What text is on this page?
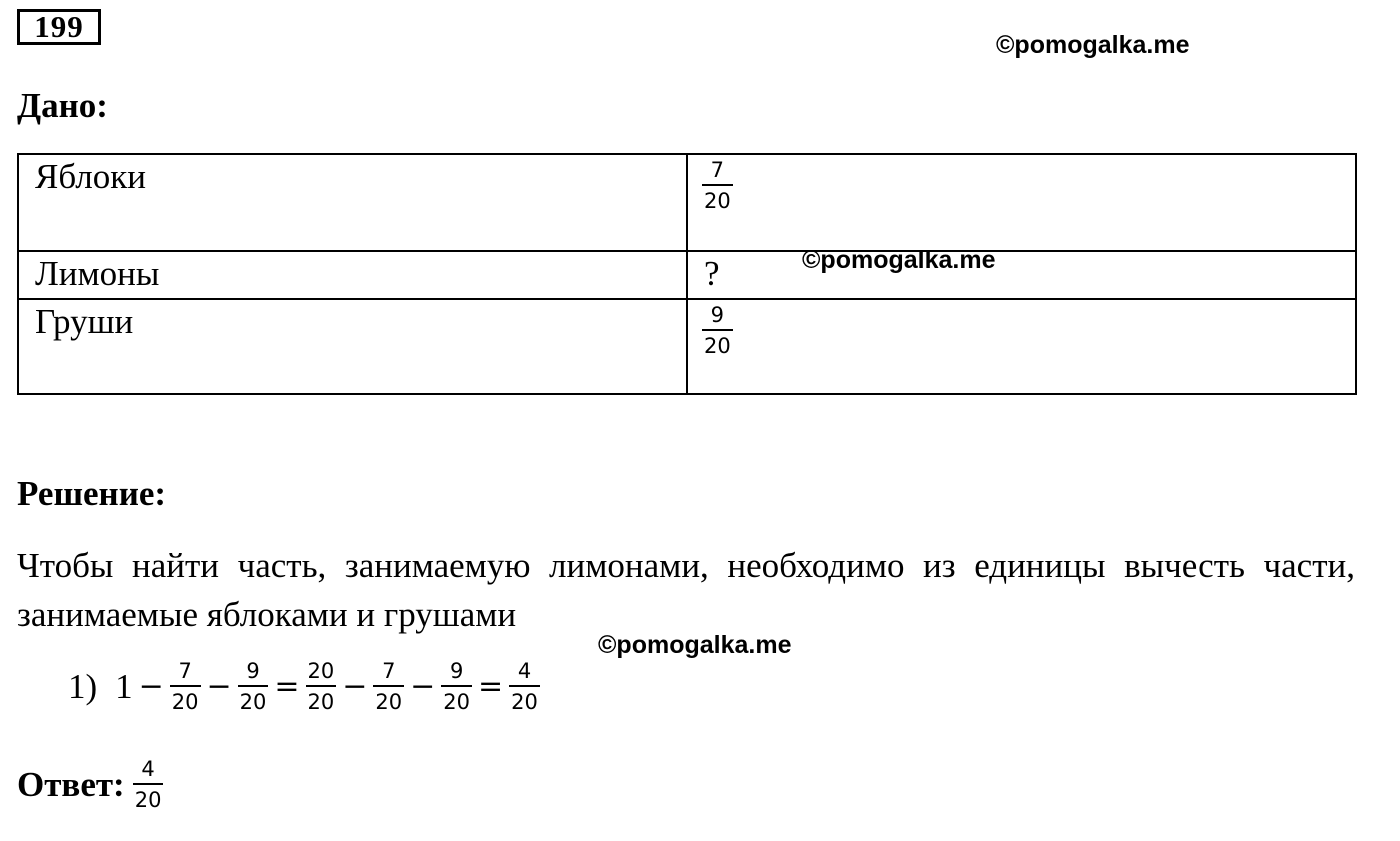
199
©pomogalka.me
Дано:
Яблоки	$\frac{7}{20}$

Лимоны	?

Груши	$\frac{9}{20}$
©pomogalka.me
Решение:
Чтобы найти часть, занимаемую лимонами, необходимо из единицы вычесть части, занимаемые яблоками и грушами
©pomogalka.me
1) $1 - \frac{7}{20} - \frac{9}{20} = \frac{20}{20} - \frac{7}{20} - \frac{9}{20} = \frac{4}{20}$
Ответ: $\frac{4}{20}$
